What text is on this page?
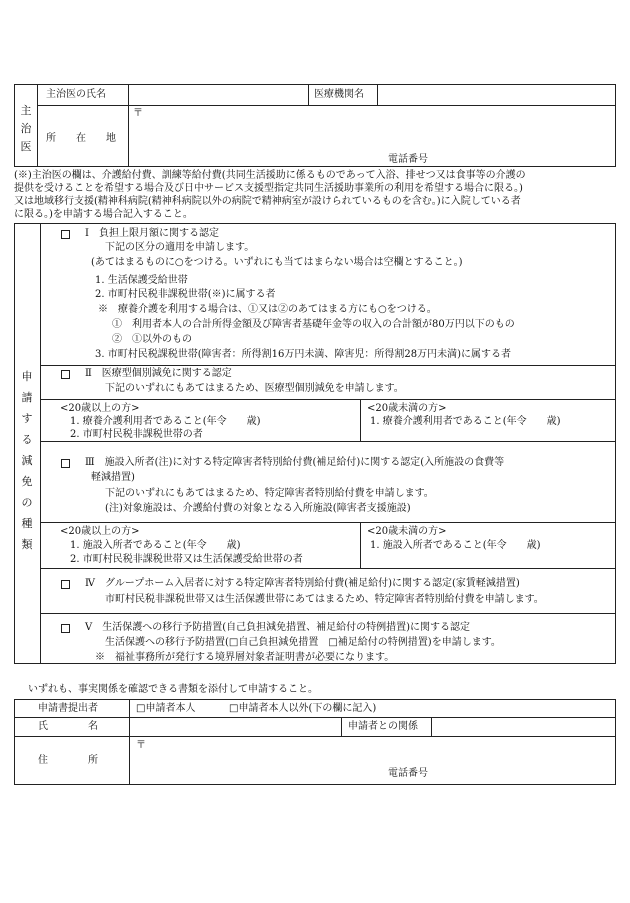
主
治
医
主治医の氏名	医療機関名
所　　在　　地
〒
電話番号
(※)主治医の欄は、介護給付費、訓練等給付費(共同生活援助に係るものであって入浴、排せつ又は食事等の介護の
提供を受けることを希望する場合及び日中サービス支援型指定共同生活援助事業所の利用を希望する場合に限る。)
又は地域移行支援(精神科病院(精神科病院以外の病院で精神病室が設けられているものを含む。)に入院している者
に限る。)を申請する場合記入すること。
申
請
す
る
減
免
の
種
類
Ⅰ　負担上限月額に関する認定
下記の区分の適用を申請します。
(あてはまるものに○をつける。いずれにも当てはまらない場合は空欄とすること。)
1. 生活保護受給世帯
2. 市町村民税非課税世帯(※)に属する者
※　療養介護を利用する場合は、①又は②のあてはまる方にも○をつける。
①　利用者本人の合計所得金額及び障害者基礎年金等の収入の合計額が80万円以下のもの
②　①以外のもの
3. 市町村民税課税世帯(障害者：所得割16万円未満、障害児：所得割28万円未満)に属する者
Ⅱ　医療型個別減免に関する認定
下記のいずれにもあてはまるため、医療型個別減免を申請します。
<20歳以上の方>
1. 療養介護利用者であること(年令　　歳)
2. 市町村民税非課税世帯の者
<20歳未満の方>
1. 療養介護利用者であること(年令　　歳)
Ⅲ　施設入所者(注)に対する特定障害者特別給付費(補足給付)に関する認定(入所施設の食費等
軽減措置)
下記のいずれにもあてはまるため、特定障害者特別給付費を申請します。
(注)対象施設は、介護給付費の対象となる入所施設(障害者支援施設)
<20歳以上の方>
1. 施設入所者であること(年令　　歳)
2. 市町村民税非課税世帯又は生活保護受給世帯の者
<20歳未満の方>
1. 施設入所者であること(年令　　歳)
Ⅳ　グループホーム入居者に対する特定障害者特別給付費(補足給付)に関する認定(家賃軽減措置)
市町村民税非課税世帯又は生活保護世帯にあてはまるため、特定障害者特別給付費を申請します。
Ⅴ　生活保護への移行予防措置(自己負担減免措置、補足給付の特例措置)に関する認定
生活保護への移行予防措置(□自己負担減免措置　□補足給付の特例措置)を申請します。
※　福祉事務所が発行する境界層対象者証明書が必要になります。
いずれも、事実関係を確認できる書類を添付して申請すること。
申請書提出者	□申請者本人	□申請者本人以外(下の欄に記入)
氏　　　　名	申請者との関係
住　　　　所
〒
電話番号
